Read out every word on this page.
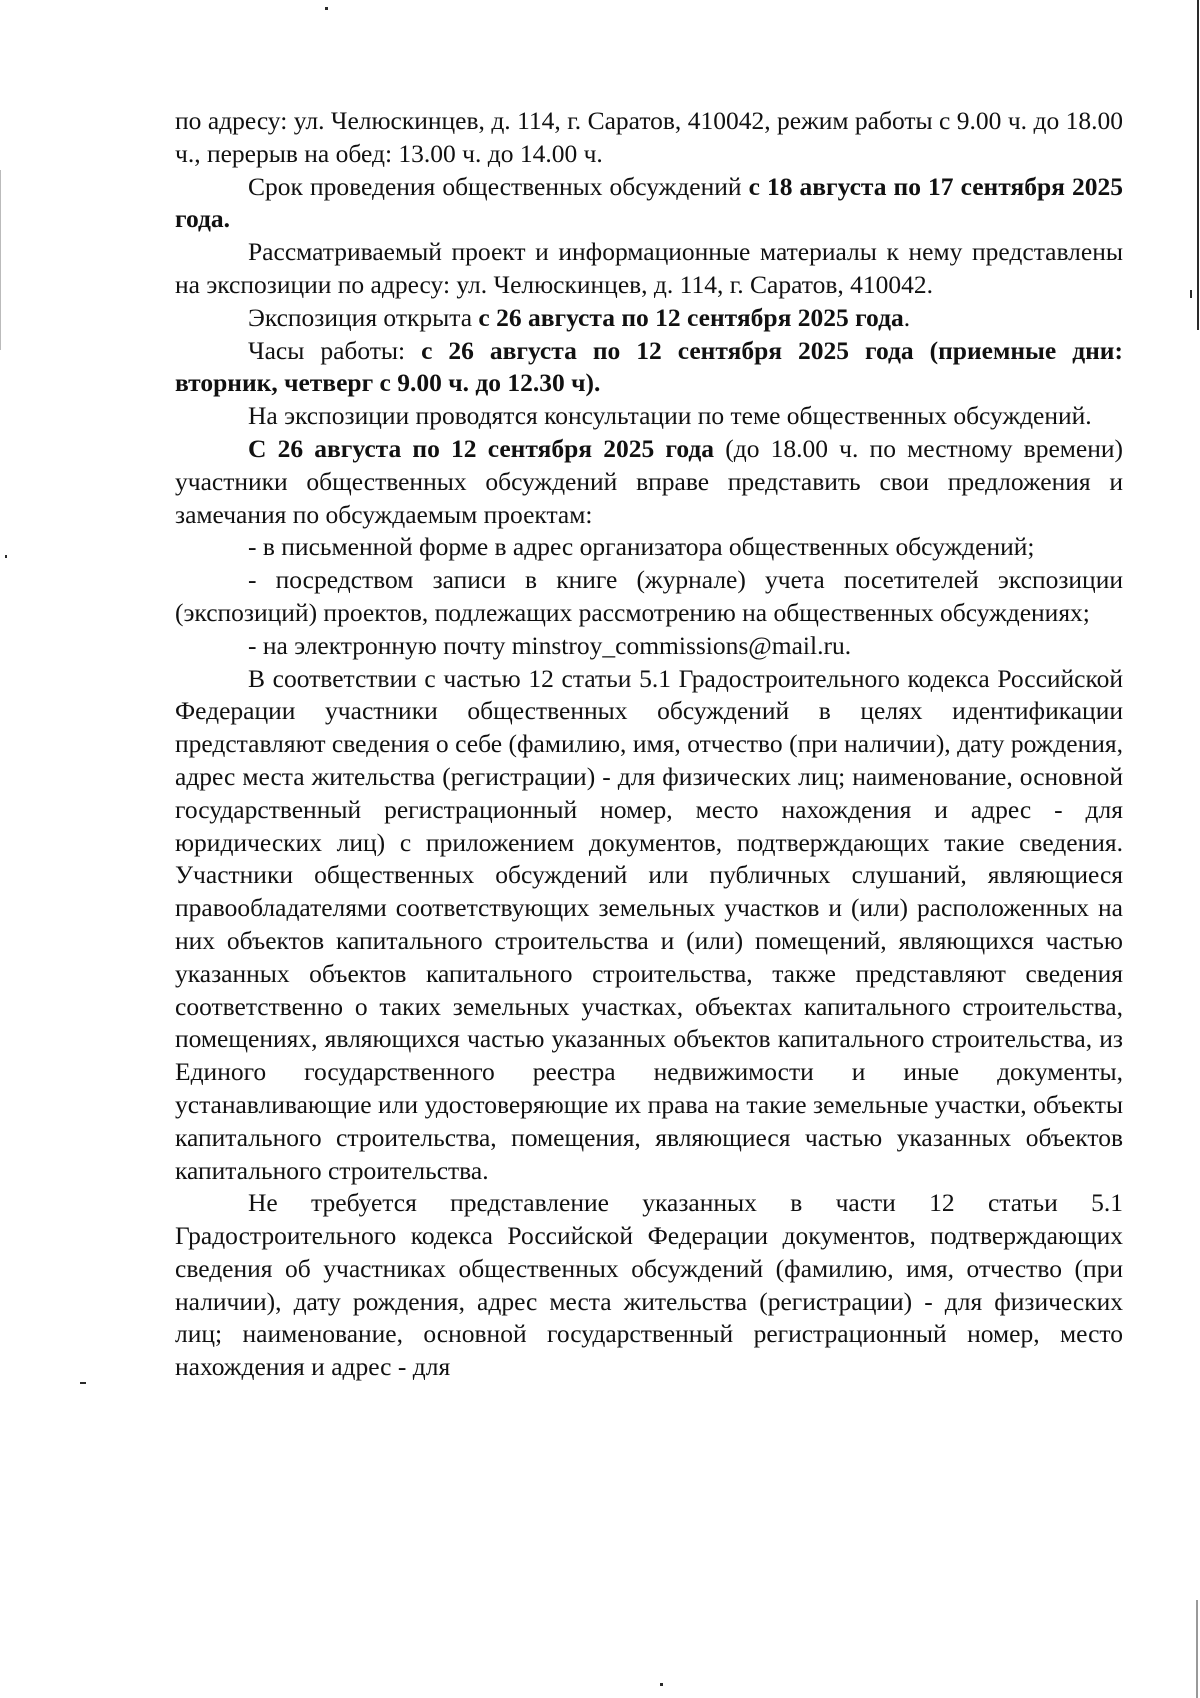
по адресу: ул. Челюскинцев, д. 114, г. Саратов, 410042, режим работы с 9.00 ч. до 18.00 ч., перерыв на обед: 13.00 ч. до 14.00 ч.

Срок проведения общественных обсуждений с 18 августа по 17 сентября 2025 года.

Рассматриваемый проект и информационные материалы к нему представлены на экспозиции по адресу: ул. Челюскинцев, д. 114, г. Саратов, 410042.

Экспозиция открыта с 26 августа по 12 сентября 2025 года.

Часы работы: с 26 августа по 12 сентября 2025 года (приемные дни: вторник, четверг с 9.00 ч. до 12.30 ч).

На экспозиции проводятся консультации по теме общественных обсуждений.

С 26 августа по 12 сентября 2025 года (до 18.00 ч. по местному времени) участники общественных обсуждений вправе представить свои предложения и замечания по обсуждаемым проектам:

- в письменной форме в адрес организатора общественных обсуждений;

- посредством записи в книге (журнале) учета посетителей экспозиции (экспозиций) проектов, подлежащих рассмотрению на общественных обсуждениях;

- на электронную почту minstroy_commissions@mail.ru.

В соответствии с частью 12 статьи 5.1 Градостроительного кодекса Российской Федерации участники общественных обсуждений в целях идентификации представляют сведения о себе (фамилию, имя, отчество (при наличии), дату рождения, адрес места жительства (регистрации) - для физических лиц; наименование, основной государственный регистрационный номер, место нахождения и адрес - для юридических лиц) с приложением документов, подтверждающих такие сведения. Участники общественных обсуждений или публичных слушаний, являющиеся правообладателями соответствующих земельных участков и (или) расположенных на них объектов капитального строительства и (или) помещений, являющихся частью указанных объектов капитального строительства, также представляют сведения соответственно о таких земельных участках, объектах капитального строительства, помещениях, являющихся частью указанных объектов капитального строительства, из Единого государственного реестра недвижимости и иные документы, устанавливающие или удостоверяющие их права на такие земельные участки, объекты капитального строительства, помещения, являющиеся частью указанных объектов капитального строительства.

Не требуется представление указанных в части 12 статьи 5.1 Градостроительного кодекса Российской Федерации документов, подтверждающих сведения об участниках общественных обсуждений (фамилию, имя, отчество (при наличии), дату рождения, адрес места жительства (регистрации) - для физических лиц; наименование, основной государственный регистрационный номер, место нахождения и адрес - для
